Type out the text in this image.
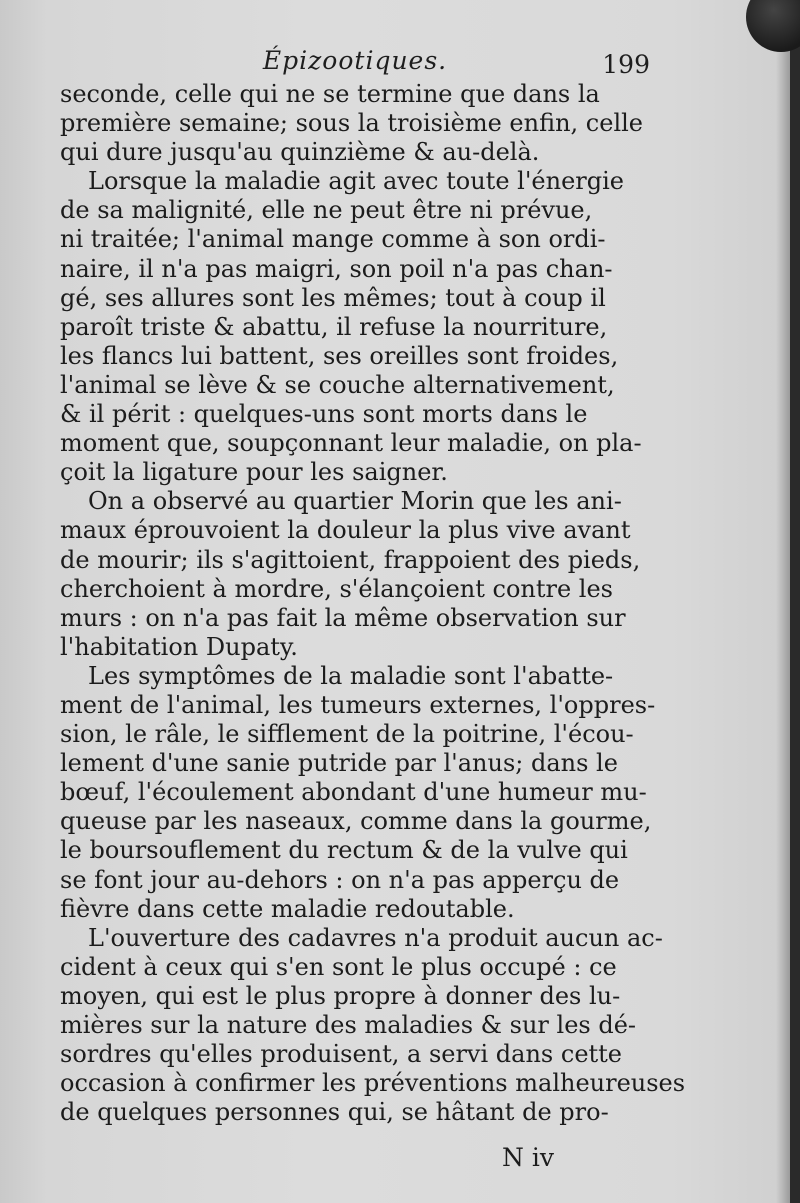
Épizootiques.	199
seconde, celle qui ne se termine que dans la
première semaine; sous la troisième enfin, celle
qui dure jusqu'au quinzième & au-delà.
Lorsque la maladie agit avec toute l'énergie
de sa malignité, elle ne peut être ni prévue,
ni traitée; l'animal mange comme à son ordi-
naire, il n'a pas maigri, son poil n'a pas chan-
gé, ses allures sont les mêmes; tout à coup il
paroît triste & abattu, il refuse la nourriture,
les flancs lui battent, ses oreilles sont froides,
l'animal se lève & se couche alternativement,
& il périt : quelques-uns sont morts dans le
moment que, soupçonnant leur maladie, on pla-
çoit la ligature pour les saigner.
On a observé au quartier Morin que les ani-
maux éprouvoient la douleur la plus vive avant
de mourir; ils s'agittoient, frappoient des pieds,
cherchoient à mordre, s'élançoient contre les
murs : on n'a pas fait la même observation sur
l'habitation Dupaty.
Les symptômes de la maladie sont l'abatte-
ment de l'animal, les tumeurs externes, l'oppres-
sion, le râle, le sifflement de la poitrine, l'écou-
lement d'une sanie putride par l'anus; dans le
bœuf, l'écoulement abondant d'une humeur mu-
queuse par les naseaux, comme dans la gourme,
le boursouflement du rectum & de la vulve qui
se font jour au-dehors : on n'a pas apperçu de
fièvre dans cette maladie redoutable.
L'ouverture des cadavres n'a produit aucun ac-
cident à ceux qui s'en sont le plus occupé : ce
moyen, qui est le plus propre à donner des lu-
mières sur la nature des maladies & sur les dé-
sordres qu'elles produisent, a servi dans cette
occasion à confirmer les préventions malheureuses
de quelques personnes qui, se hâtant de pro-
N iv
